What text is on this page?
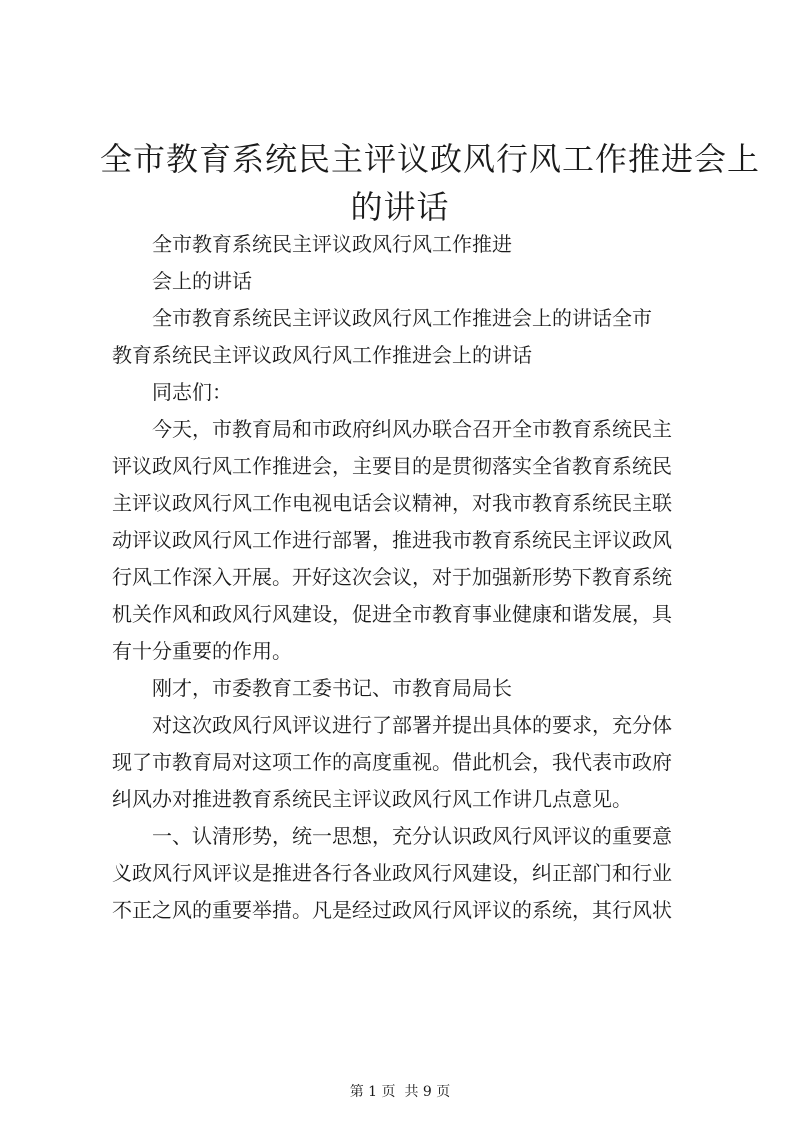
全市教育系统民主评议政风行风工作推进会上
的讲话
全市教育系统民主评议政风行风工作推进
会上的讲话
全市教育系统民主评议政风行风工作推进会上的讲话全市
教育系统民主评议政风行风工作推进会上的讲话
同志们：
今天，市教育局和市政府纠风办联合召开全市教育系统民主
评议政风行风工作推进会，主要目的是贯彻落实全省教育系统民
主评议政风行风工作电视电话会议精神，对我市教育系统民主联
动评议政风行风工作进行部署，推进我市教育系统民主评议政风
行风工作深入开展。开好这次会议，对于加强新形势下教育系统
机关作风和政风行风建设，促进全市教育事业健康和谐发展，具
有十分重要的作用。
刚才，市委教育工委书记、市教育局局长
对这次政风行风评议进行了部署并提出具体的要求，充分体
现了市教育局对这项工作的高度重视。借此机会，我代表市政府
纠风办对推进教育系统民主评议政风行风工作讲几点意见。
一、认清形势，统一思想，充分认识政风行风评议的重要意
义政风行风评议是推进各行各业政风行风建设，纠正部门和行业
不正之风的重要举措。凡是经过政风行风评议的系统，其行风状
第 1 页  共 9 页
